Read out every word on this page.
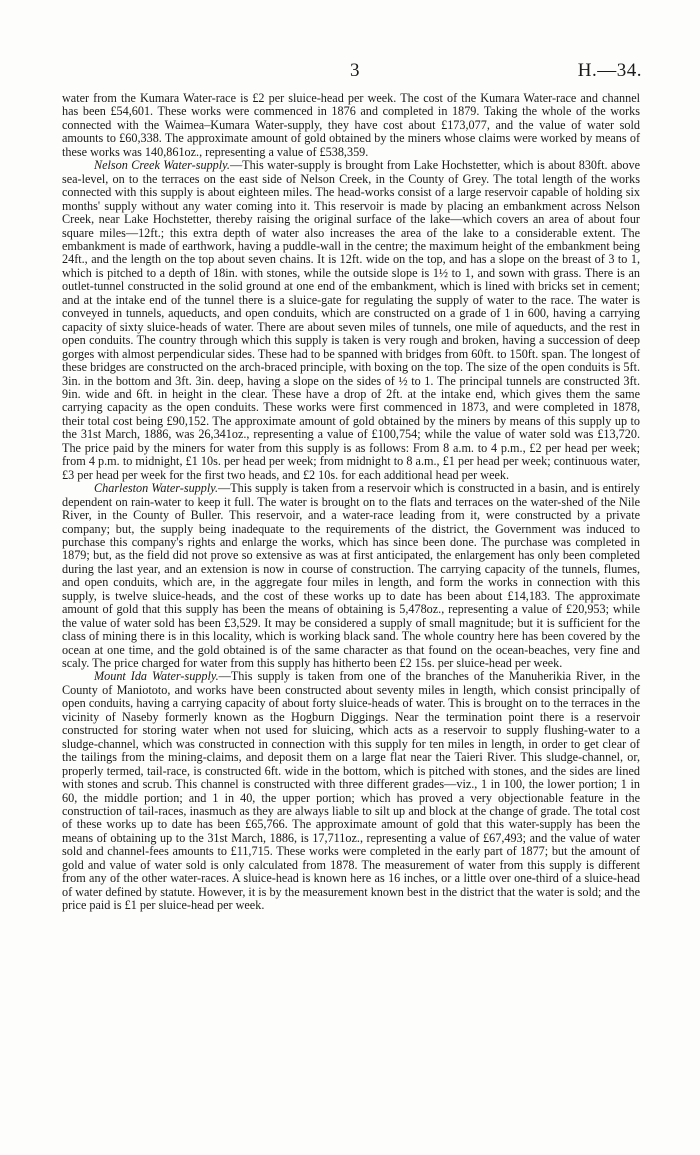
3	H.—34.

water from the Kumara Water-race is £2 per sluice-head per week. The cost of the Kumara Water-race and channel has been £54,601. These works were commenced in 1876 and completed in 1879. Taking the whole of the works connected with the Waimea–Kumara Water-supply, they have cost about £173,077, and the value of water sold amounts to £60,338. The approximate amount of gold obtained by the miners whose claims were worked by means of these works was 140,861oz., representing a value of £538,359.

Nelson Creek Water-supply.—This water-supply is brought from Lake Hochstetter, which is about 830ft. above sea-level, on to the terraces on the east side of Nelson Creek, in the County of Grey. The total length of the works connected with this supply is about eighteen miles. The head-works consist of a large reservoir capable of holding six months' supply without any water coming into it. This reservoir is made by placing an embankment across Nelson Creek, near Lake Hochstetter, thereby raising the original surface of the lake—which covers an area of about four square miles—12ft.; this extra depth of water also increases the area of the lake to a considerable extent. The embankment is made of earthwork, having a puddle-wall in the centre; the maximum height of the embankment being 24ft., and the length on the top about seven chains. It is 12ft. wide on the top, and has a slope on the breast of 3 to 1, which is pitched to a depth of 18in. with stones, while the outside slope is 1½ to 1, and sown with grass. There is an outlet-tunnel constructed in the solid ground at one end of the embankment, which is lined with bricks set in cement; and at the intake end of the tunnel there is a sluice-gate for regulating the supply of water to the race. The water is conveyed in tunnels, aqueducts, and open conduits, which are constructed on a grade of 1 in 600, having a carrying capacity of sixty sluice-heads of water. There are about seven miles of tunnels, one mile of aqueducts, and the rest in open conduits. The country through which this supply is taken is very rough and broken, having a succession of deep gorges with almost perpendicular sides. These had to be spanned with bridges from 60ft. to 150ft. span. The longest of these bridges are constructed on the arch-braced principle, with boxing on the top. The size of the open conduits is 5ft. 3in. in the bottom and 3ft. 3in. deep, having a slope on the sides of ½ to 1. The principal tunnels are constructed 3ft. 9in. wide and 6ft. in height in the clear. These have a drop of 2ft. at the intake end, which gives them the same carrying capacity as the open conduits. These works were first commenced in 1873, and were completed in 1878, their total cost being £90,152. The approximate amount of gold obtained by the miners by means of this supply up to the 31st March, 1886, was 26,341oz., representing a value of £100,754; while the value of water sold was £13,720. The price paid by the miners for water from this supply is as follows: From 8 a.m. to 4 p.m., £2 per head per week; from 4 p.m. to midnight, £1 10s. per head per week; from midnight to 8 a.m., £1 per head per week; continuous water, £3 per head per week for the first two heads, and £2 10s. for each additional head per week.

Charleston Water-supply.—This supply is taken from a reservoir which is constructed in a basin, and is entirely dependent on rain-water to keep it full. The water is brought on to the flats and terraces on the water-shed of the Nile River, in the County of Buller. This reservoir, and a water-race leading from it, were constructed by a private company; but, the supply being inadequate to the requirements of the district, the Government was induced to purchase this company's rights and enlarge the works, which has since been done. The purchase was completed in 1879; but, as the field did not prove so extensive as was at first anticipated, the enlargement has only been completed during the last year, and an extension is now in course of construction. The carrying capacity of the tunnels, flumes, and open conduits, which are, in the aggregate four miles in length, and form the works in connection with this supply, is twelve sluice-heads, and the cost of these works up to date has been about £14,183. The approximate amount of gold that this supply has been the means of obtaining is 5,478oz., representing a value of £20,953; while the value of water sold has been £3,529. It may be considered a supply of small magnitude; but it is sufficient for the class of mining there is in this locality, which is working black sand. The whole country here has been covered by the ocean at one time, and the gold obtained is of the same character as that found on the ocean-beaches, very fine and scaly. The price charged for water from this supply has hitherto been £2 15s. per sluice-head per week.

Mount Ida Water-supply.—This supply is taken from one of the branches of the Manuherikia River, in the County of Maniototo, and works have been constructed about seventy miles in length, which consist principally of open conduits, having a carrying capacity of about forty sluice-heads of water. This is brought on to the terraces in the vicinity of Naseby formerly known as the Hogburn Diggings. Near the termination point there is a reservoir constructed for storing water when not used for sluicing, which acts as a reservoir to supply flushing-water to a sludge-channel, which was constructed in connection with this supply for ten miles in length, in order to get clear of the tailings from the mining-claims, and deposit them on a large flat near the Taieri River. This sludge-channel, or, properly termed, tail-race, is constructed 6ft. wide in the bottom, which is pitched with stones, and the sides are lined with stones and scrub. This channel is constructed with three different grades—viz., 1 in 100, the lower portion; 1 in 60, the middle portion; and 1 in 40, the upper portion; which has proved a very objectionable feature in the construction of tail-races, inasmuch as they are always liable to silt up and block at the change of grade. The total cost of these works up to date has been £65,766. The approximate amount of gold that this water-supply has been the means of obtaining up to the 31st March, 1886, is 17,711oz., representing a value of £67,493; and the value of water sold and channel-fees amounts to £11,715. These works were completed in the early part of 1877; but the amount of gold and value of water sold is only calculated from 1878. The measurement of water from this supply is different from any of the other water-races. A sluice-head is known here as 16 inches, or a little over one-third of a sluice-head of water defined by statute. However, it is by the measurement known best in the district that the water is sold; and the price paid is £1 per sluice-head per week.
